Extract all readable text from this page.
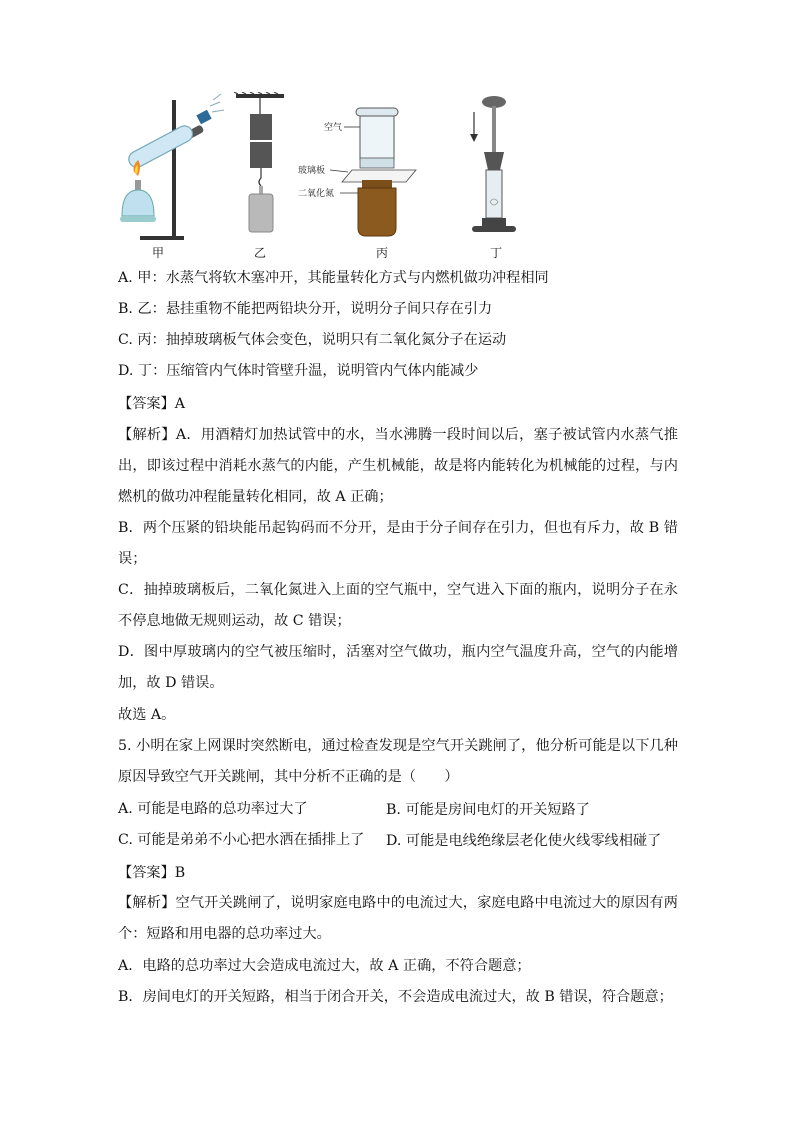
甲	乙
空气
玻璃板
二氧化氮
丙	丁
A. 甲：水蒸气将软木塞冲开，其能量转化方式与内燃机做功冲程相同
B. 乙：悬挂重物不能把两铅块分开，说明分子间只存在引力
C. 丙：抽掉玻璃板气体会变色，说明只有二氧化氮分子在运动
D. 丁：压缩管内气体时管壁升温，说明管内气体内能减少
【答案】A
【解析】A．用酒精灯加热试管中的水，当水沸腾一段时间以后，塞子被试管内水蒸气推出，即该过程中消耗水蒸气的内能，产生机械能，故是将内能转化为机械能的过程，与内燃机的做功冲程能量转化相同，故 A 正确；
B．两个压紧的铅块能吊起钩码而不分开，是由于分子间存在引力，但也有斥力，故 B 错误；
C．抽掉玻璃板后，二氧化氮进入上面的空气瓶中，空气进入下面的瓶内，说明分子在永不停息地做无规则运动，故 C 错误；
D．图中厚玻璃内的空气被压缩时，活塞对空气做功，瓶内空气温度升高，空气的内能增加，故 D 错误。
故选 A。
5. 小明在家上网课时突然断电，通过检查发现是空气开关跳闸了，他分析可能是以下几种原因导致空气开关跳闸，其中分析不正确的是（　　）
A. 可能是电路的总功率过大了	B. 可能是房间电灯的开关短路了
C. 可能是弟弟不小心把水洒在插排上了 D. 可能是电线绝缘层老化使火线零线相碰了
【答案】B
【解析】空气开关跳闸了，说明家庭电路中的电流过大，家庭电路中电流过大的原因有两个：短路和用电器的总功率过大。
A．电路的总功率过大会造成电流过大，故 A 正确，不符合题意；
B．房间电灯的开关短路，相当于闭合开关，不会造成电流过大，故 B 错误，符合题意；
